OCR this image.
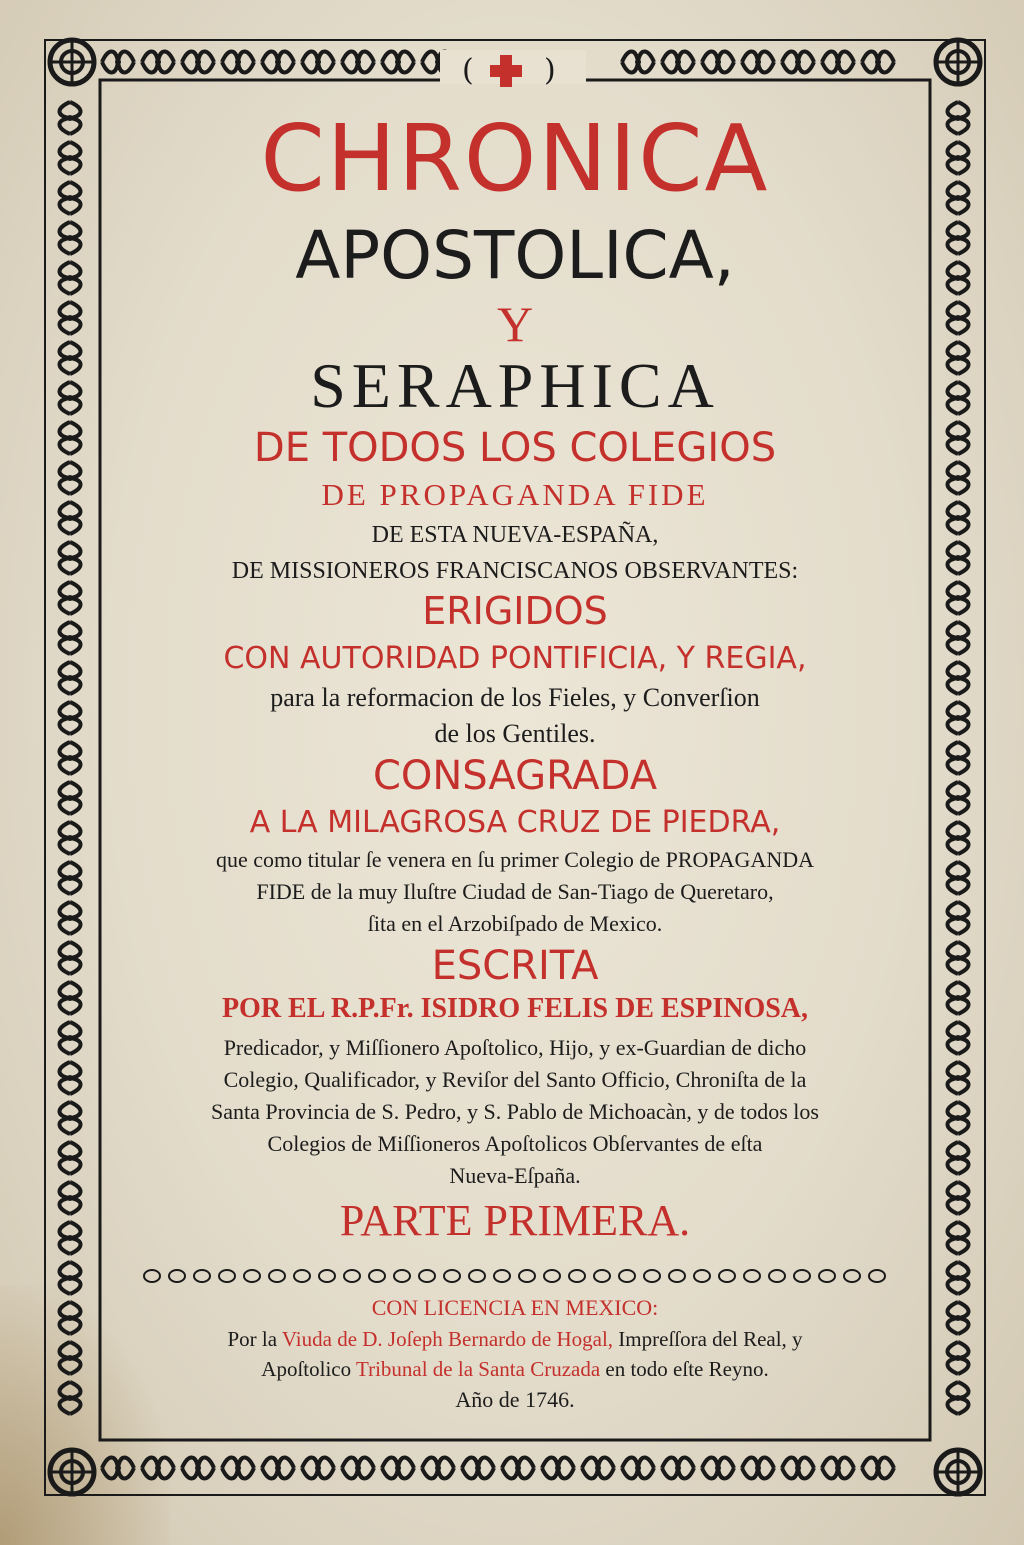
( )
CHRONICA
APOSTOLICA,
Y
SERAPHICA
DE TODOS LOS COLEGIOS
DE PROPAGANDA FIDE
DE ESTA NUEVA-ESPAÑA,
DE MISSIONEROS FRANCISCANOS OBSERVANTES:
ERIGIDOS
CON AUTORIDAD PONTIFICIA, Y REGIA,
para la reformacion de los Fieles, y Converſion
de los Gentiles.
CONSAGRADA
A LA MILAGROSA CRUZ DE PIEDRA,
que como titular ſe venera en ſu primer Colegio de PROPAGANDA
FIDE de la muy Iluſtre Ciudad de San-Tiago de Queretaro,
ſita en el Arzobiſpado de Mexico.
ESCRITA
POR EL R.P.Fr. ISIDRO FELIS DE ESPINOSA,
Predicador, y Miſſionero Apoſtolico, Hijo, y ex-Guardian de dicho
Colegio, Qualificador, y Reviſor del Santo Officio, Chroniſta de la
Santa Provincia de S. Pedro, y S. Pablo de Michoacàn, y de todos los
Colegios de Miſſioneros Apoſtolicos Obſervantes de eſta
Nueva-Eſpaña.
PARTE PRIMERA.
CON LICENCIA EN MEXICO:
Por la Viuda de D. Joſeph Bernardo de Hogal, Impreſſora del Real, y
Apoſtolico Tribunal de la Santa Cruzada en todo eſte Reyno.
Año de 1746.
